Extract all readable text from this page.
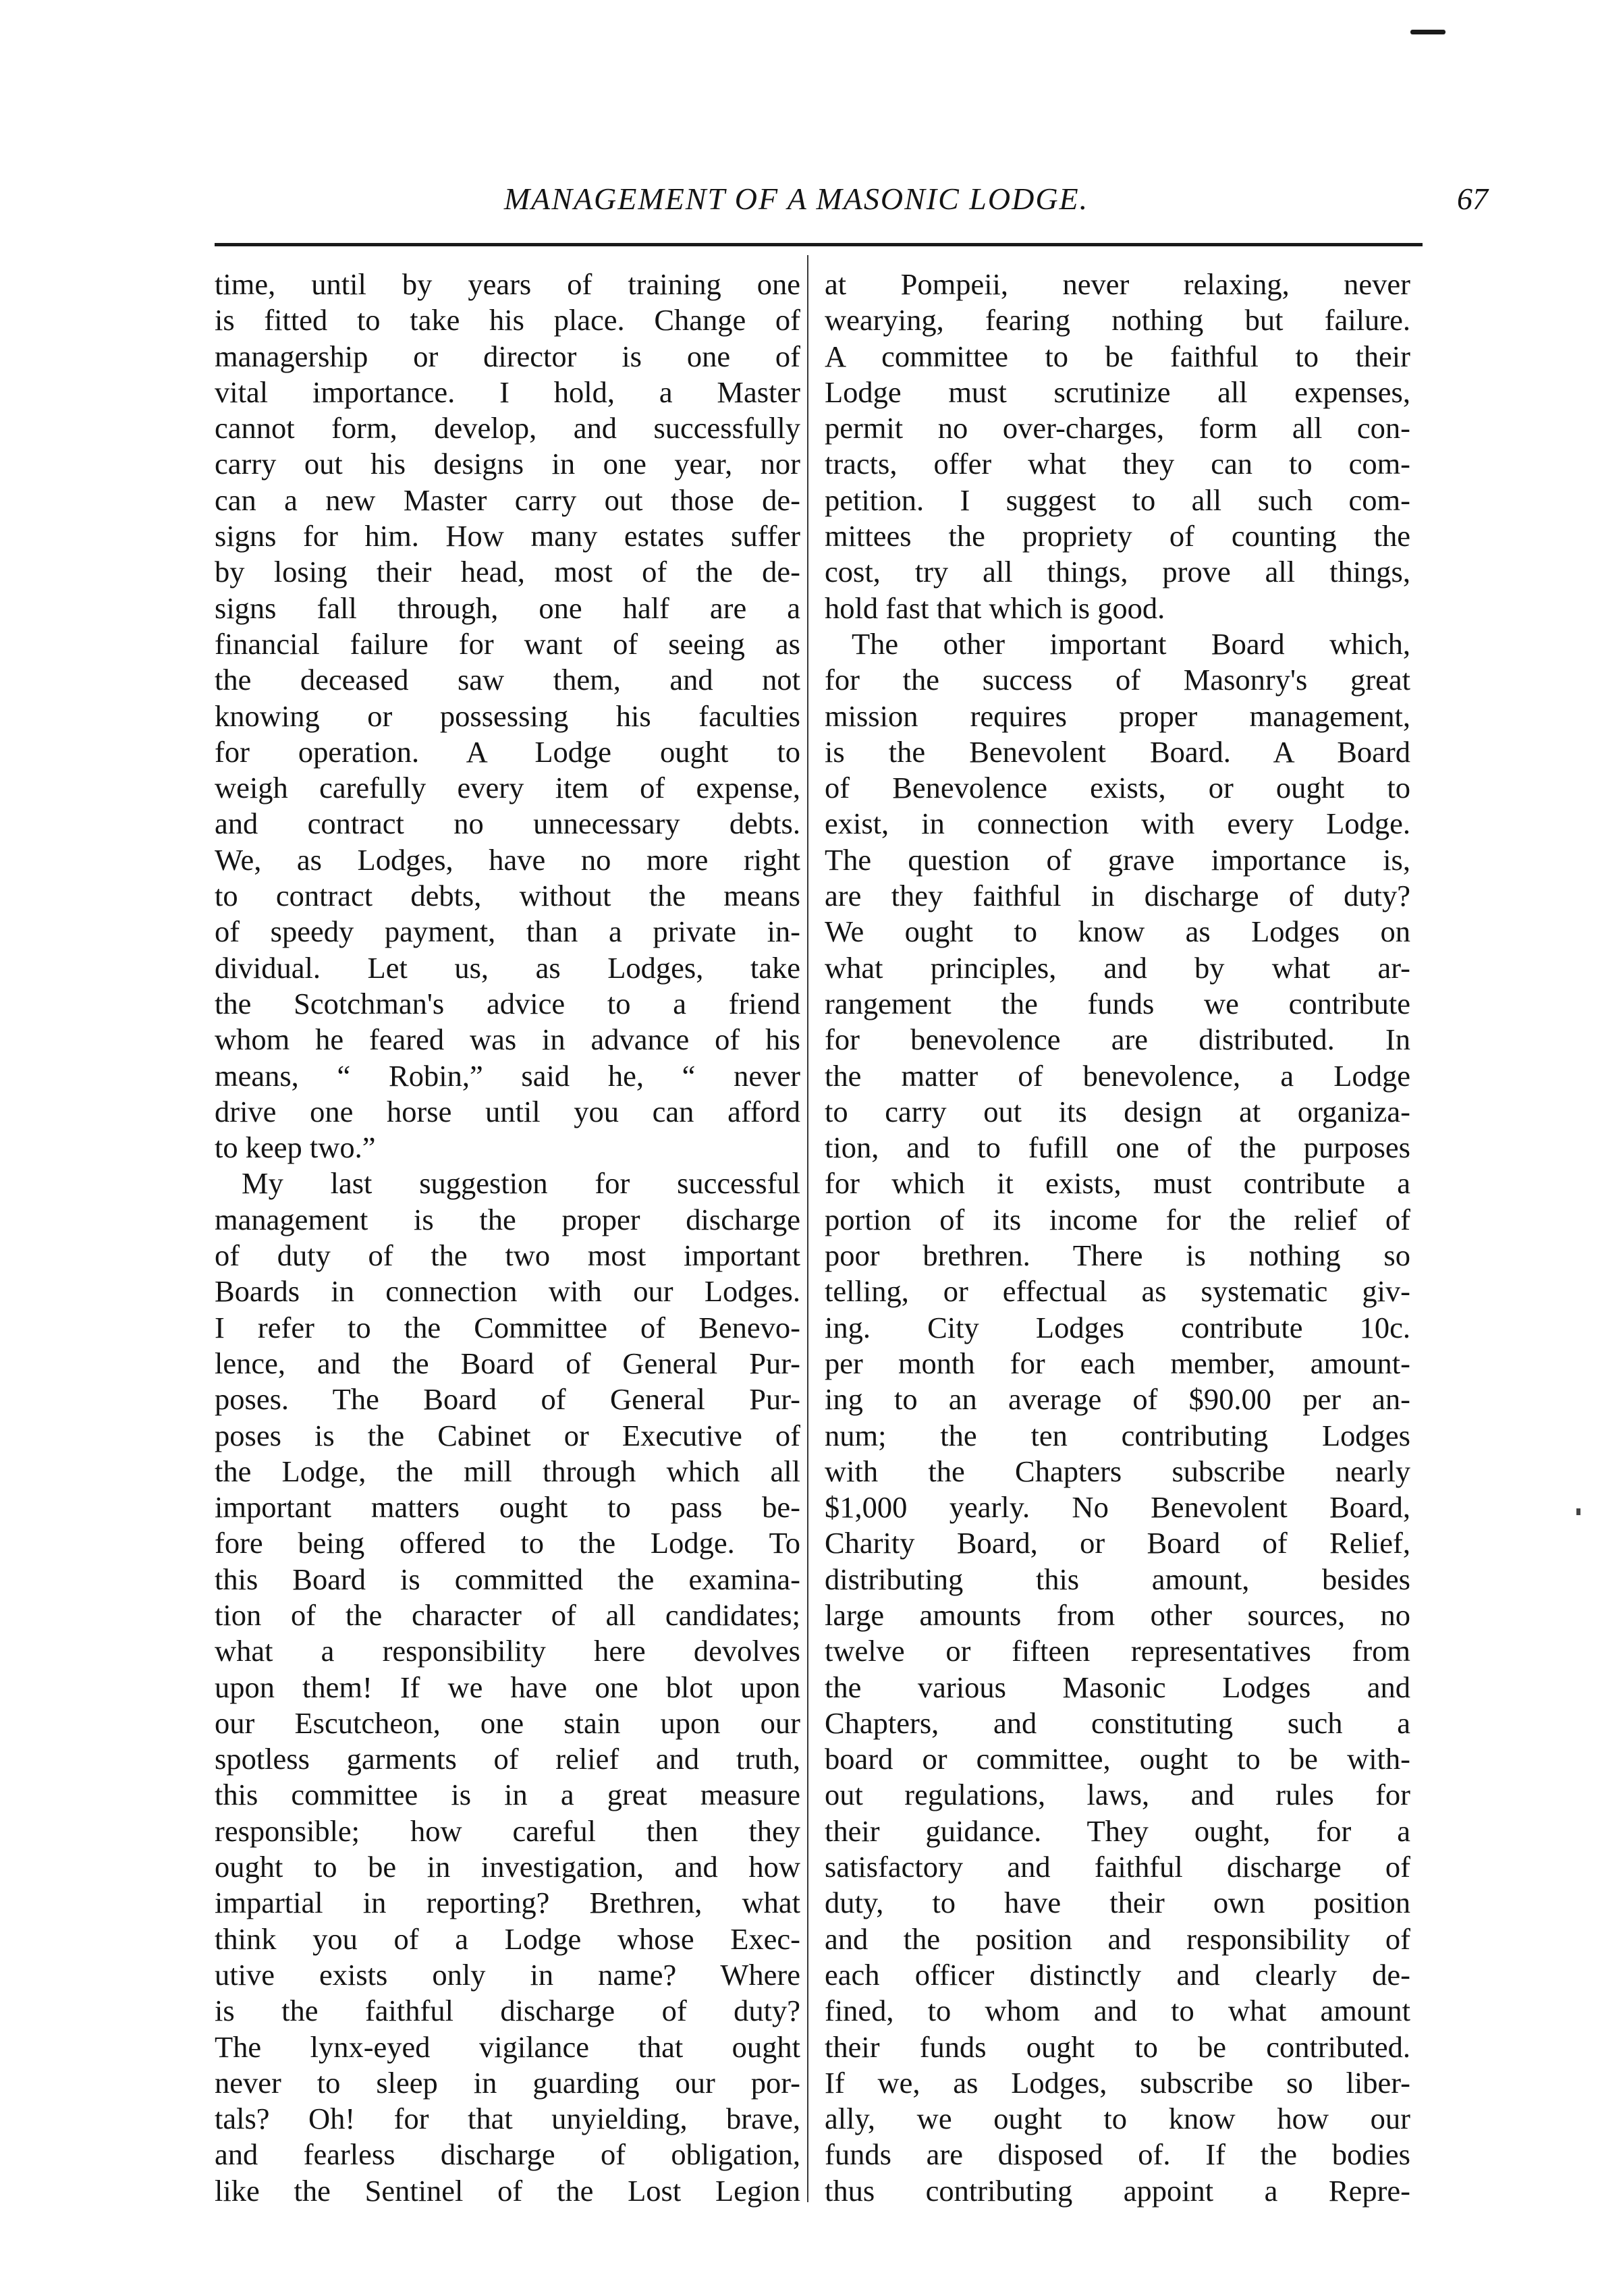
MANAGEMENT OF A MASONIC LODGE.	67
time, until by years of training one
is fitted to take his place. Change of
managership or director is one of
vital importance. I hold, a Master
cannot form, develop, and successfully
carry out his designs in one year, nor
can a new Master carry out those de-
signs for him. How many estates suffer
by losing their head, most of the de-
signs fall through, one half are a
financial failure for want of seeing as
the deceased saw them, and not
knowing or possessing his faculties
for operation. A Lodge ought to
weigh carefully every item of expense,
and contract no unnecessary debts.
We, as Lodges, have no more right
to contract debts, without the means
of speedy payment, than a private in-
dividual. Let us, as Lodges, take
the Scotchman's advice to a friend
whom he feared was in advance of his
means, “ Robin,” said he, “ never
drive one horse until you can afford
to keep two.”
My last suggestion for successful
management is the proper discharge
of duty of the two most important
Boards in connection with our Lodges.
I refer to the Committee of Benevo-
lence, and the Board of General Pur-
poses. The Board of General Pur-
poses is the Cabinet or Executive of
the Lodge, the mill through which all
important matters ought to pass be-
fore being offered to the Lodge. To
this Board is committed the examina-
tion of the character of all candidates;
what a responsibility here devolves
upon them! If we have one blot upon
our Escutcheon, one stain upon our
spotless garments of relief and truth,
this committee is in a great measure
responsible; how careful then they
ought to be in investigation, and how
impartial in reporting? Brethren, what
think you of a Lodge whose Exec-
utive exists only in name? Where
is the faithful discharge of duty?
The lynx-eyed vigilance that ought
never to sleep in guarding our por-
tals? Oh! for that unyielding, brave,
and fearless discharge of obligation,
like the Sentinel of the Lost Legion
at Pompeii, never relaxing, never
wearying, fearing nothing but failure.
A committee to be faithful to their
Lodge must scrutinize all expenses,
permit no over-charges, form all con-
tracts, offer what they can to com-
petition. I suggest to all such com-
mittees the propriety of counting the
cost, try all things, prove all things,
hold fast that which is good.
The other important Board which,
for the success of Masonry's great
mission requires proper management,
is the Benevolent Board. A Board
of Benevolence exists, or ought to
exist, in connection with every Lodge.
The question of grave importance is,
are they faithful in discharge of duty?
We ought to know as Lodges on
what principles, and by what ar-
rangement the funds we contribute
for benevolence are distributed. In
the matter of benevolence, a Lodge
to carry out its design at organiza-
tion, and to fufill one of the purposes
for which it exists, must contribute a
portion of its income for the relief of
poor brethren. There is nothing so
telling, or effectual as systematic giv-
ing. City Lodges contribute 10c.
per month for each member, amount-
ing to an average of $90.00 per an-
num; the ten contributing Lodges
with the Chapters subscribe nearly
$1,000 yearly. No Benevolent Board,
Charity Board, or Board of Relief,
distributing this amount, besides
large amounts from other sources, no
twelve or fifteen representatives from
the various Masonic Lodges and
Chapters, and constituting such a
board or committee, ought to be with-
out regulations, laws, and rules for
their guidance. They ought, for a
satisfactory and faithful discharge of
duty, to have their own position
and the position and responsibility of
each officer distinctly and clearly de-
fined, to whom and to what amount
their funds ought to be contributed.
If we, as Lodges, subscribe so liber-
ally, we ought to know how our
funds are disposed of. If the bodies
thus contributing appoint a Repre-
